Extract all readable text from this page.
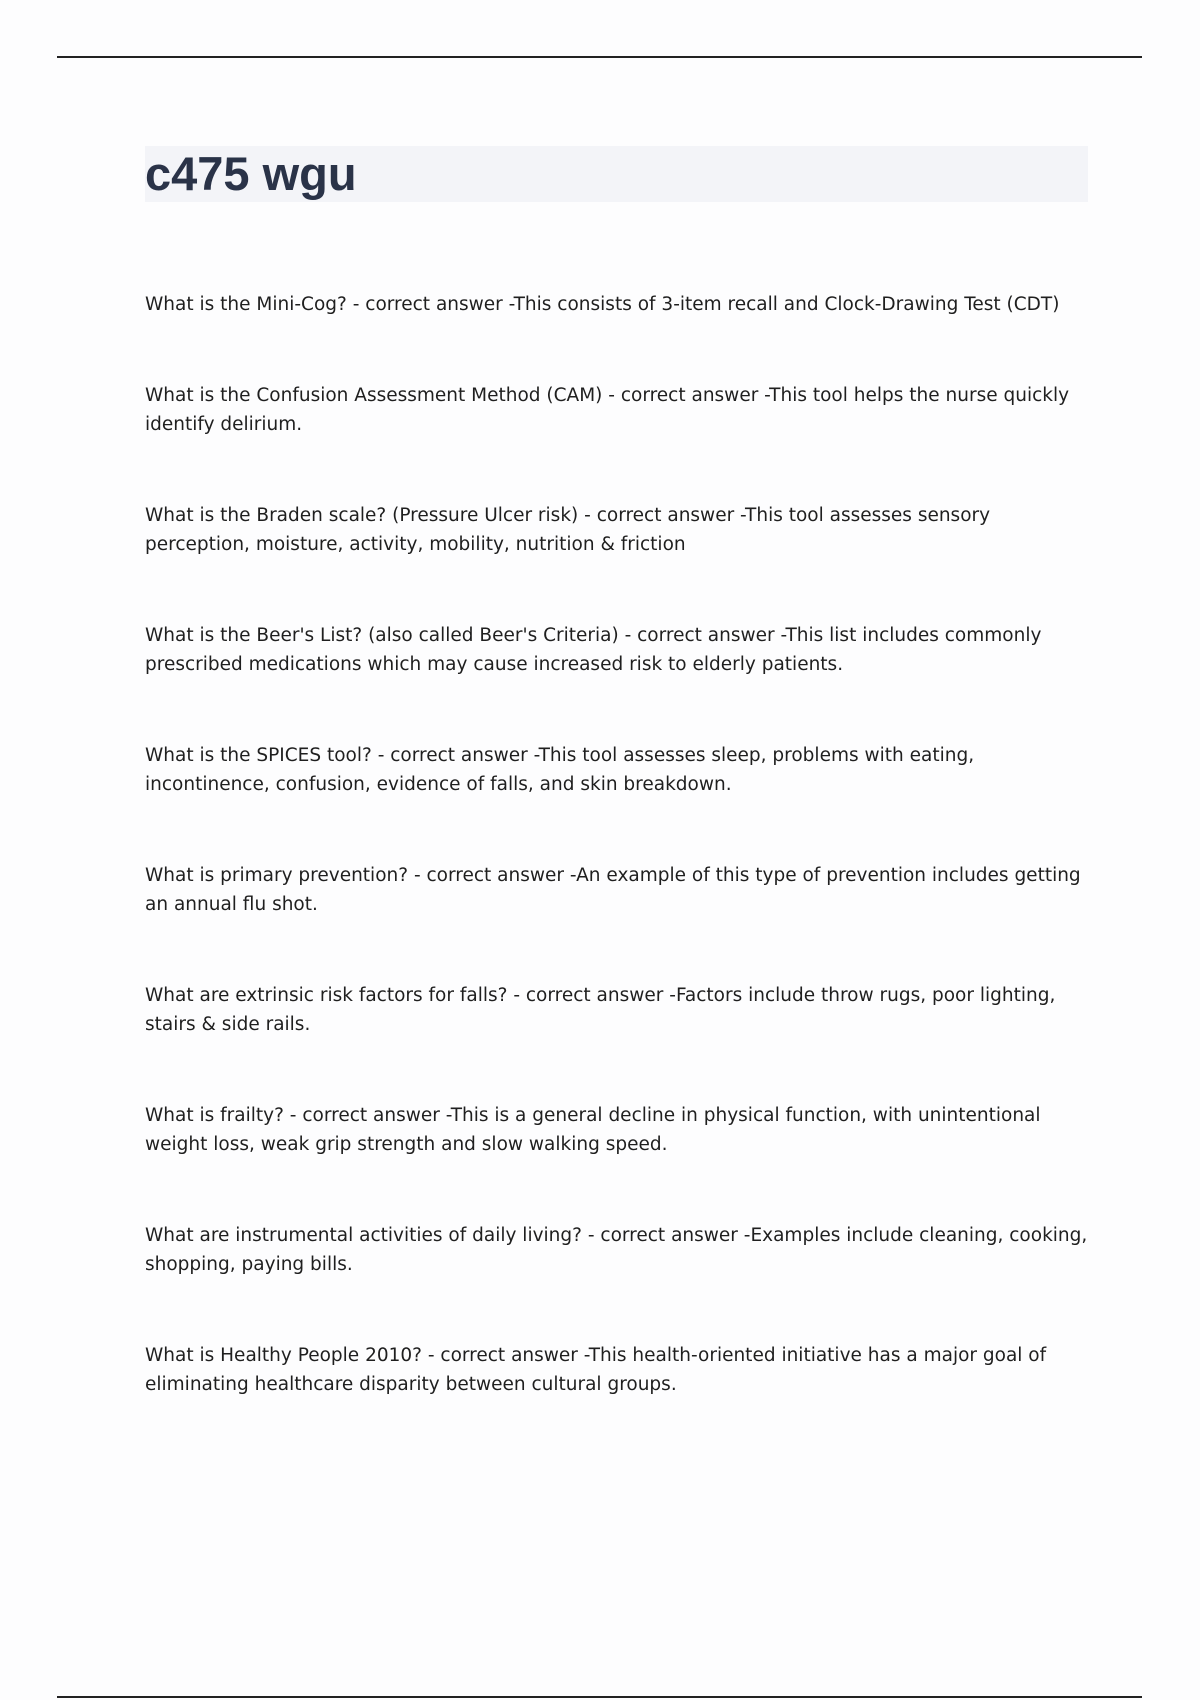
c475 wgu

What is the Mini-Cog? - correct answer -This consists of 3-item recall and Clock-Drawing Test (CDT)

What is the Confusion Assessment Method (CAM) - correct answer -This tool helps the nurse quickly identify delirium.

What is the Braden scale? (Pressure Ulcer risk) - correct answer -This tool assesses sensory perception, moisture, activity, mobility, nutrition & friction

What is the Beer's List? (also called Beer's Criteria) - correct answer -This list includes commonly prescribed medications which may cause increased risk to elderly patients.

What is the SPICES tool? - correct answer -This tool assesses sleep, problems with eating, incontinence, confusion, evidence of falls, and skin breakdown.

What is primary prevention? - correct answer -An example of this type of prevention includes getting an annual flu shot.

What are extrinsic risk factors for falls? - correct answer -Factors include throw rugs, poor lighting, stairs & side rails.

What is frailty? - correct answer -This is a general decline in physical function, with unintentional weight loss, weak grip strength and slow walking speed.

What are instrumental activities of daily living? - correct answer -Examples include cleaning, cooking, shopping, paying bills.

What is Healthy People 2010? - correct answer -This health-oriented initiative has a major goal of eliminating healthcare disparity between cultural groups.
